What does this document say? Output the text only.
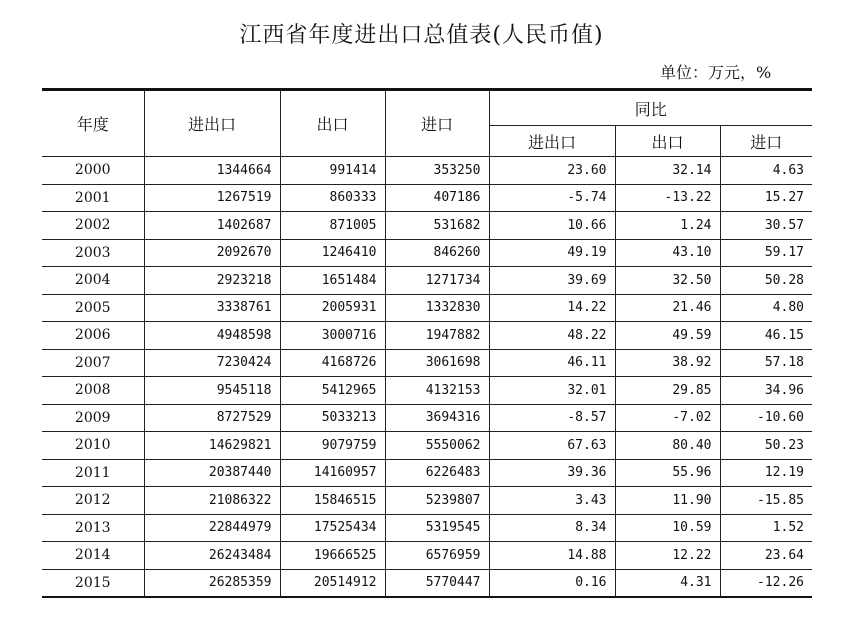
江西省年度进出口总值表(人民币值)
单位：万元，%
年度	进出口	出口	进口	同比		
				进出口	出口	进口
2000	1344664	991414	353250	23.60	32.14	4.63
2001	1267519	860333	407186	-5.74	-13.22	15.27
2002	1402687	871005	531682	10.66	1.24	30.57
2003	2092670	1246410	846260	49.19	43.10	59.17
2004	2923218	1651484	1271734	39.69	32.50	50.28
2005	3338761	2005931	1332830	14.22	21.46	4.80
2006	4948598	3000716	1947882	48.22	49.59	46.15
2007	7230424	4168726	3061698	46.11	38.92	57.18
2008	9545118	5412965	4132153	32.01	29.85	34.96
2009	8727529	5033213	3694316	-8.57	-7.02	-10.60
2010	14629821	9079759	5550062	67.63	80.40	50.23
2011	20387440	14160957	6226483	39.36	55.96	12.19
2012	21086322	15846515	5239807	3.43	11.90	-15.85
2013	22844979	17525434	5319545	8.34	10.59	1.52
2014	26243484	19666525	6576959	14.88	12.22	23.64
2015	26285359	20514912	5770447	0.16	4.31	-12.26
